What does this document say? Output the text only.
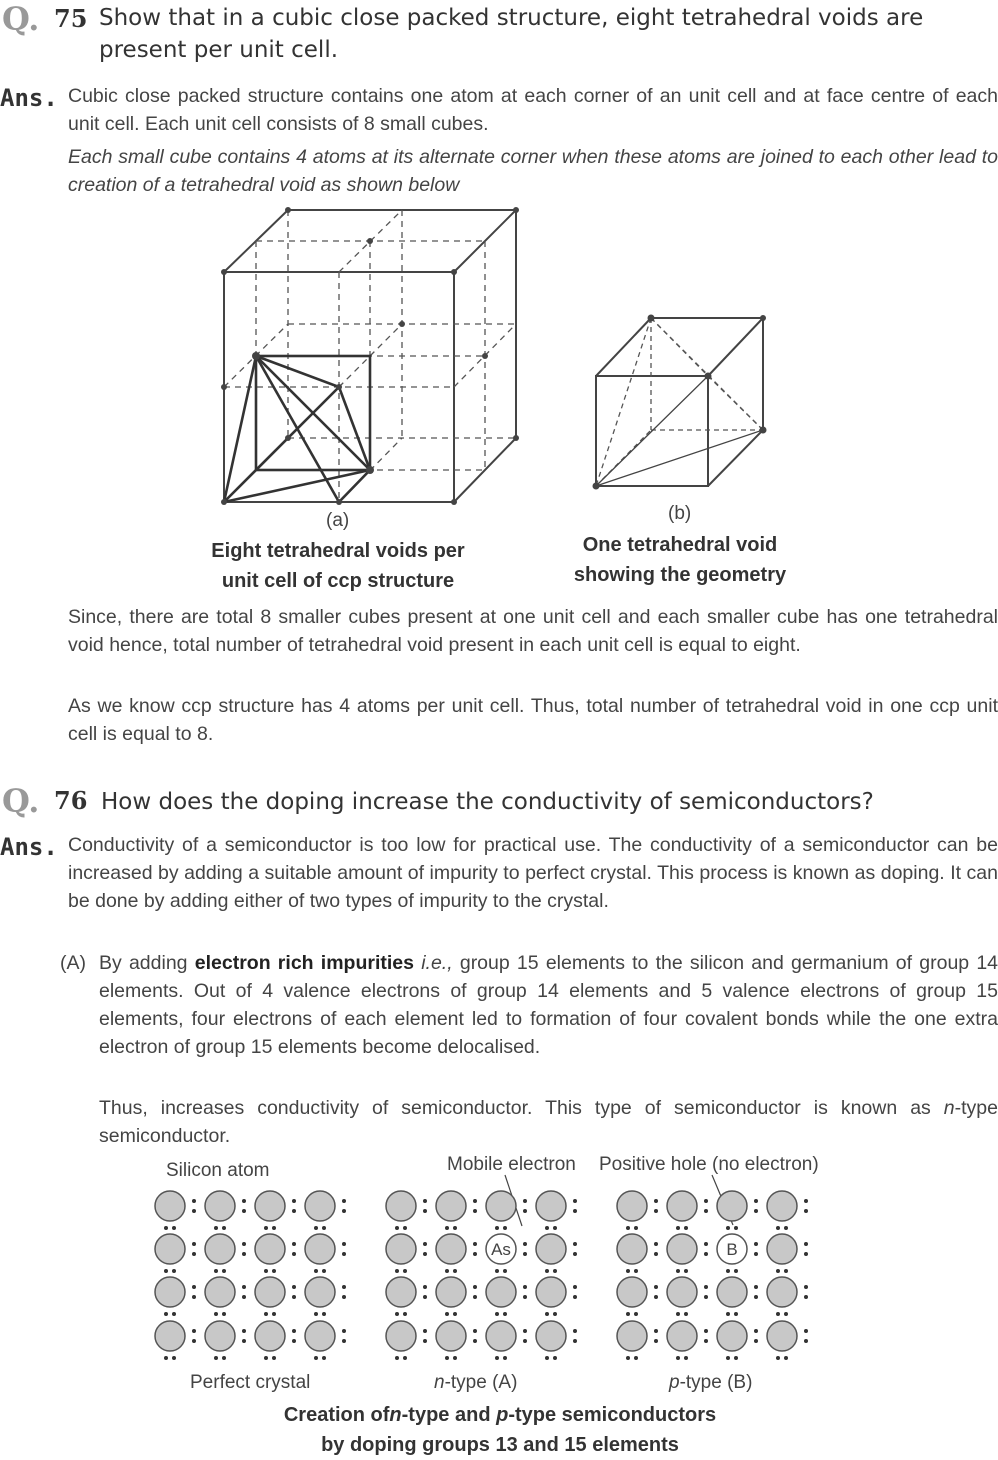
Q. 75 Show that in a cubic close packed structure, eight tetrahedral voids are
present per unit cell.
Ans. Cubic close packed structure contains one atom at each corner of an unit cell and at face centre of each unit cell. Each unit cell consists of 8 small cubes.
Each small cube contains 4 atoms at its alternate corner when these atoms are joined to each other lead to creation of a tetrahedral void as shown below
(a)
Eight tetrahedral voids per
unit cell of ccp structure
(b)
One tetrahedral void
showing the geometry
Since, there are total 8 smaller cubes present at one unit cell and each smaller cube has one tetrahedral void hence, total number of tetrahedral void present in each unit cell is equal to eight.
As we know ccp structure has 4 atoms per unit cell. Thus, total number of tetrahedral void in one ccp unit cell is equal to 8.
Q. 76 How does the doping increase the conductivity of semiconductors?
Ans. Conductivity of a semiconductor is too low for practical use. The conductivity of a semiconductor can be increased by adding a suitable amount of impurity to perfect crystal. This process is known as doping. It can be done by adding either of two types of impurity to the crystal.
(A) By adding electron rich impurities i.e., group 15 elements to the silicon and germanium of group 14 elements. Out of 4 valence electrons of group 14 elements and 5 valence electrons of group 15 elements, four electrons of each element led to formation of four covalent bonds while the one extra electron of group 15 elements become delocalised.
Thus, increases conductivity of semiconductor. This type of semiconductor is known as n-type semiconductor.
Silicon atom	Mobile electron Positive hole (no electron)
As	B
Perfect crystal	n-type (A)	p-type (B)
Creation ofn-type and p-type semiconductors
by doping groups 13 and 15 elements
